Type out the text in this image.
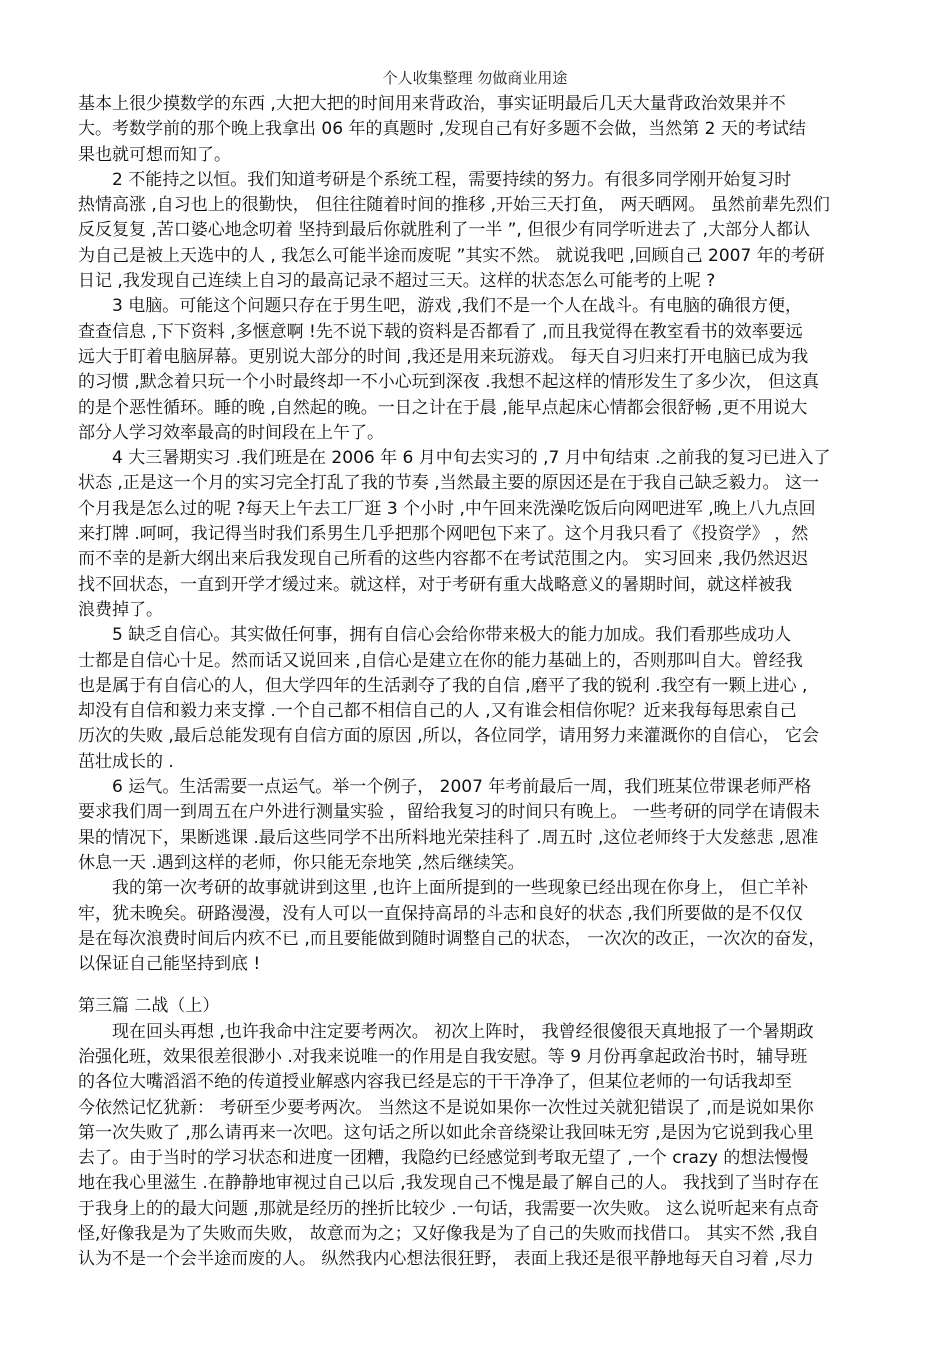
个人收集整理 勿做商业用途
基本上很少摸数学的东西 ,大把大把的时间用来背政治，事实证明最后几天大量背政治效果并不
大。考数学前的那个晚上我拿出 06 年的真题时 ,发现自己有好多题不会做，当然第 2 天的考试结
果也就可想而知了。
2 不能持之以恒。我们知道考研是个系统工程，需要持续的努力。有很多同学刚开始复习时
热情高涨 ,自习也上的很勤快， 但往往随着时间的推移 ,开始三天打鱼， 两天晒网。 虽然前辈先烈们
反反复复 ,苦口婆心地念叨着 坚持到最后你就胜利了一半 ”, 但很少有同学听进去了 ,大部分人都认
为自己是被上天选中的人 , 我怎么可能半途而废呢 ”其实不然。 就说我吧 ,回顾自己 2007 年的考研
日记 ,我发现自己连续上自习的最高记录不超过三天。这样的状态怎么可能考的上呢 ?
3 电脑。可能这个问题只存在于男生吧，游戏 ,我们不是一个人在战斗。有电脑的确很方便，
查查信息 ,下下资料 ,多惬意啊 !先不说下载的资料是否都看了 ,而且我觉得在教室看书的效率要远
远大于盯着电脑屏幕。更别说大部分的时间 ,我还是用来玩游戏。 每天自习归来打开电脑已成为我
的习惯 ,默念着只玩一个小时最终却一不小心玩到深夜 .我想不起这样的情形发生了多少次， 但这真
的是个恶性循环。睡的晚 ,自然起的晚。一日之计在于晨 ,能早点起床心情都会很舒畅 ,更不用说大
部分人学习效率最高的时间段在上午了。
4 大三暑期实习 .我们班是在 2006 年 6 月中旬去实习的 ,7 月中旬结束 .之前我的复习已进入了
状态 ,正是这一个月的实习完全打乱了我的节奏 ,当然最主要的原因还是在于我自己缺乏毅力。 这一
个月我是怎么过的呢 ?每天上午去工厂逛 3 个小时 ,中午回来洗澡吃饭后向网吧进军 ,晚上八九点回
来打牌 .呵呵，我记得当时我们系男生几乎把那个网吧包下来了。这个月我只看了《投资学》 ，然
而不幸的是新大纲出来后我发现自己所看的这些内容都不在考试范围之内。 实习回来 ,我仍然迟迟
找不回状态，一直到开学才缓过来。就这样，对于考研有重大战略意义的暑期时间，就这样被我
浪费掉了。
5 缺乏自信心。其实做任何事，拥有自信心会给你带来极大的能力加成。我们看那些成功人
士都是自信心十足。然而话又说回来 ,自信心是建立在你的能力基础上的，否则那叫自大。曾经我
也是属于有自信心的人，但大学四年的生活剥夺了我的自信 ,磨平了我的锐利 .我空有一颗上进心 ,
却没有自信和毅力来支撑 .一个自己都不相信自己的人 ,又有谁会相信你呢？近来我每每思索自己
历次的失败 ,最后总能发现有自信方面的原因 ,所以，各位同学，请用努力来灌溉你的自信心， 它会
茁壮成长的 .
6 运气。生活需要一点运气。举一个例子， 2007 年考前最后一周，我们班某位带课老师严格
要求我们周一到周五在户外进行测量实验 ，留给我复习的时间只有晚上。 一些考研的同学在请假未
果的情况下，果断逃课 .最后这些同学不出所料地光荣挂科了 .周五时 ,这位老师终于大发慈悲 ,恩准
休息一天 .遇到这样的老师，你只能无奈地笑 ,然后继续笑。
我的第一次考研的故事就讲到这里 ,也许上面所提到的一些现象已经出现在你身上， 但亡羊补
牢，犹未晚矣。研路漫漫，没有人可以一直保持高昂的斗志和良好的状态 ,我们所要做的是不仅仅
是在每次浪费时间后内疚不已 ,而且要能做到随时调整自己的状态， 一次次的改正，一次次的奋发，
以保证自己能坚持到底 !
第三篇 二战（上）
现在回头再想 ,也许我命中注定要考两次。 初次上阵时， 我曾经很傻很天真地报了一个暑期政
治强化班，效果很差很渺小 .对我来说唯一的作用是自我安慰。等 9 月份再拿起政治书时，辅导班
的各位大嘴滔滔不绝的传道授业解惑内容我已经是忘的干干净净了，但某位老师的一句话我却至
今依然记忆犹新： 考研至少要考两次。 当然这不是说如果你一次性过关就犯错误了 ,而是说如果你
第一次失败了 ,那么请再来一次吧。这句话之所以如此余音绕梁让我回味无穷 ,是因为它说到我心里
去了。由于当时的学习状态和进度一团糟，我隐约已经感觉到考取无望了 ,一个 crazy 的想法慢慢
地在我心里滋生 .在静静地审视过自己以后 ,我发现自己不愧是最了解自己的人。 我找到了当时存在
于我身上的的最大问题 ,那就是经历的挫折比较少 .一句话，我需要一次失败。 这么说听起来有点奇
怪,好像我是为了失败而失败， 故意而为之；又好像我是为了自己的失败而找借口。 其实不然 ,我自
认为不是一个会半途而废的人。 纵然我内心想法很狂野， 表面上我还是很平静地每天自习着 ,尽力
